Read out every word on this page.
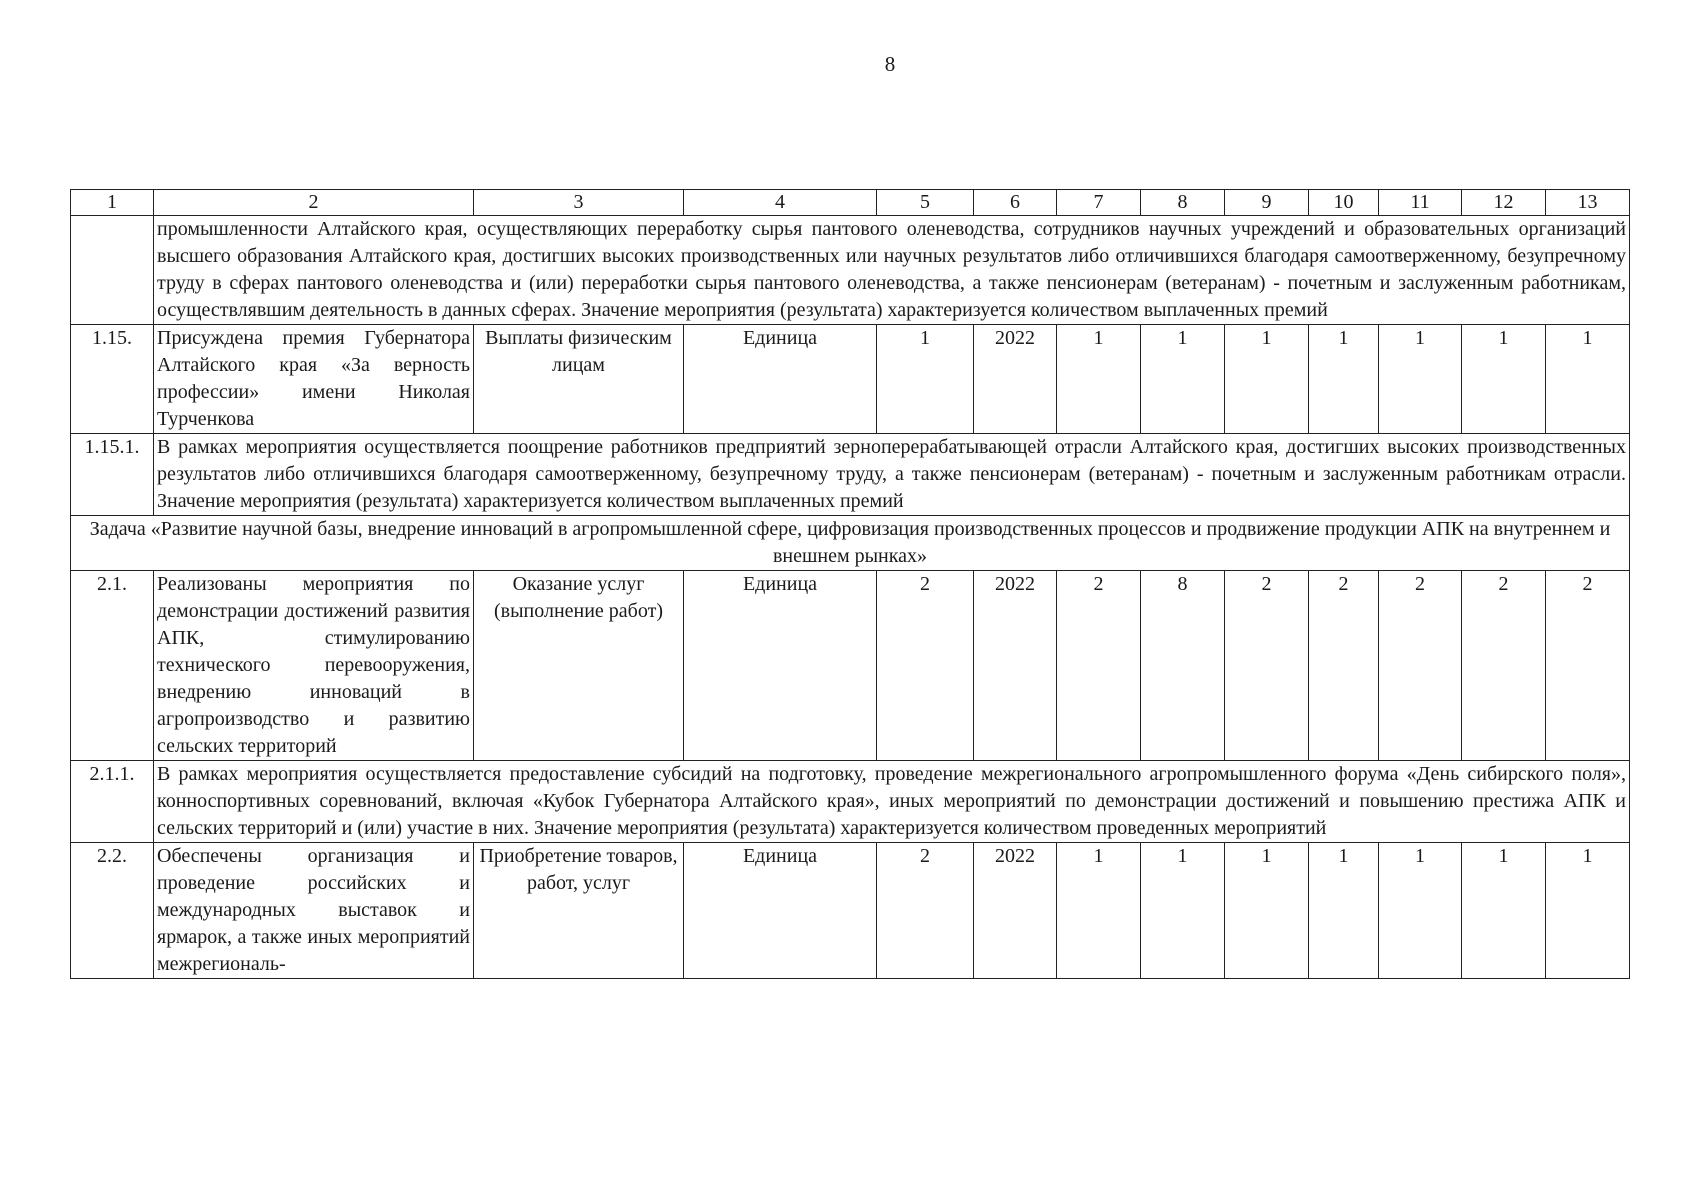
8
1	2	3	4	5	6	7	8	9	10	11	12	13
	промышленности Алтайского края, осуществляющих переработку сырья пантового оленеводства, сотрудников научных учреждений и образовательных организаций высшего образования Алтайского края, достигших высоких производственных или научных результатов либо отличившихся благодаря самоотверженному, безупречному труду в сферах пантового оленеводства и (или) переработки сырья пантового оленеводства, а также пенсионерам (ветеранам) - почетным и заслуженным работникам, осуществлявшим деятельность в данных сферах. Значение мероприятия (результата) характеризуется количеством выплаченных премий											
1.15.	Присуждена премия Губернатора Алтайского края «За верность профессии» имени Николая Турченкова	Выплаты физическим лицам	Единица	1	2022	1	1	1	1	1	1	1
1.15.1.	В рамках мероприятия осуществляется поощрение работников предприятий зерноперерабатывающей отрасли Алтайского края, достигших высоких производственных результатов либо отличившихся благодаря самоотверженному, безупречному труду, а также пенсионерам (ветеранам) - почетным и заслуженным работникам отрасли. Значение мероприятия (результата) характеризуется количеством выплаченных премий											
Задача «Развитие научной базы, внедрение инноваций в агропромышленной сфере, цифровизация производственных процессов и продвижение продукции АПК на внутреннем и внешнем рынках»												
2.1.	Реализованы мероприятия по демонстрации достижений развития АПК, стимулированию технического перевооружения, внедрению инноваций в агропроизводство и развитию сельских территорий	Оказание услуг (выполнение работ)	Единица	2	2022	2	8	2	2	2	2	2
2.1.1.	В рамках мероприятия осуществляется предоставление субсидий на подготовку, проведение межрегионального агропромышленного форума «День сибирского поля», конноспортивных соревнований, включая «Кубок Губернатора Алтайского края», иных мероприятий по демонстрации достижений и повышению престижа АПК и сельских территорий и (или) участие в них. Значение мероприятия (результата) характеризуется количеством проведенных мероприятий											
2.2.	Обеспечены организация и проведение российских и международных выставок и ярмарок, а также иных мероприятий межрегиональ-	Приобретение товаров, работ, услуг	Единица	2	2022	1	1	1	1	1	1	1
